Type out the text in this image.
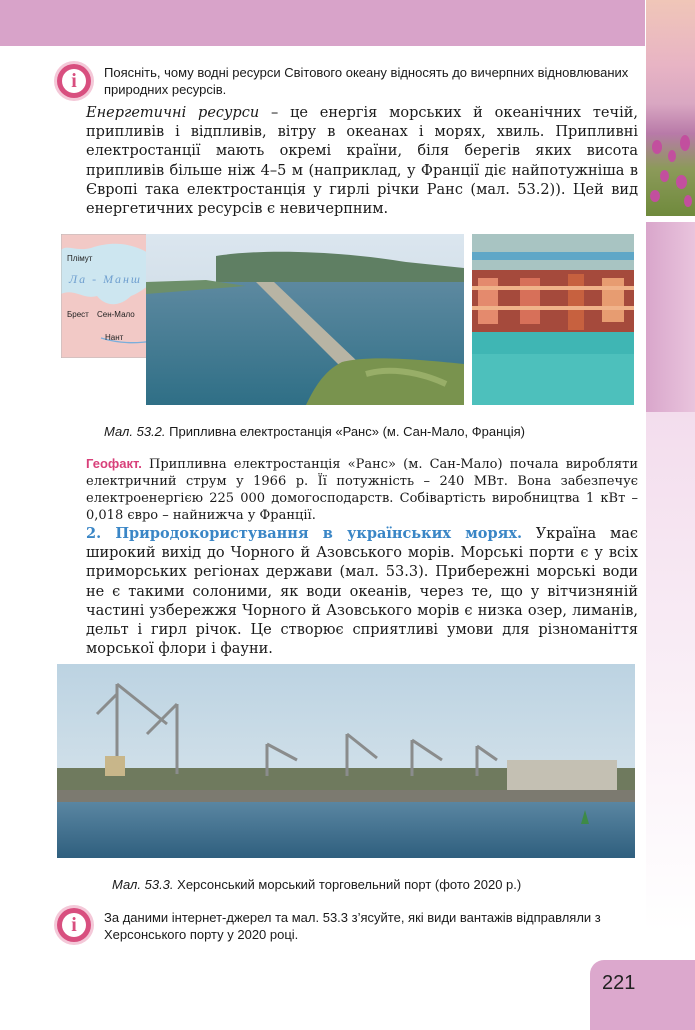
i	Поясніть, чому водні ресурси Світового океану відносять до вичерпних відновлюваних природних ресурсів.
Енергетичні ресурси – це енергія морських й океанічних течій, припливів і відпливів, вітру в океанах і морях, хвиль. Припливні електростанції мають окремі країни, біля берегів яких висота припливів більше ніж 4–5 м (наприклад, у Франції діє найпотужніша в Європі така електростанція у гирлі річки Ранс (мал. 53.2)). Цей вид енергетичних ресурсів є невичерпним.
Плімут
Ла - Манш
Брест Сен-Мало
Нант
Мал. 53.2. Припливна електростанція «Ранс» (м. Сан-Мало, Франція)
Геофакт. Припливна електростанція «Ранс» (м. Сан-Мало) почала виробляти електричний струм у 1966 р. Її потужність – 240 МВт. Вона забезпечує електроенергією 225 000 домогосподарств. Собівартість виробництва 1 кВт – 0,018 євро – найнижча у Франції.
2. Природокористування в українських морях. Україна має широкий вихід до Чорного й Азовського морів. Морські порти є у всіх приморських регіонах держави (мал. 53.3). Прибережні морські води не є такими солоними, як води океанів, через те, що у вітчизняній частині узбережжя Чорного й Азовського морів є низка озер, лиманів, дельт і гирл річок. Це створює сприятливі умови для різноманіття морської флори і фауни.
Мал. 53.3. Херсонський морський торговельний порт (фото 2020 р.)
i	За даними інтернет-джерел та мал. 53.3 з’ясуйте, які види вантажів відправляли з Херсонського порту у 2020 році.
221
